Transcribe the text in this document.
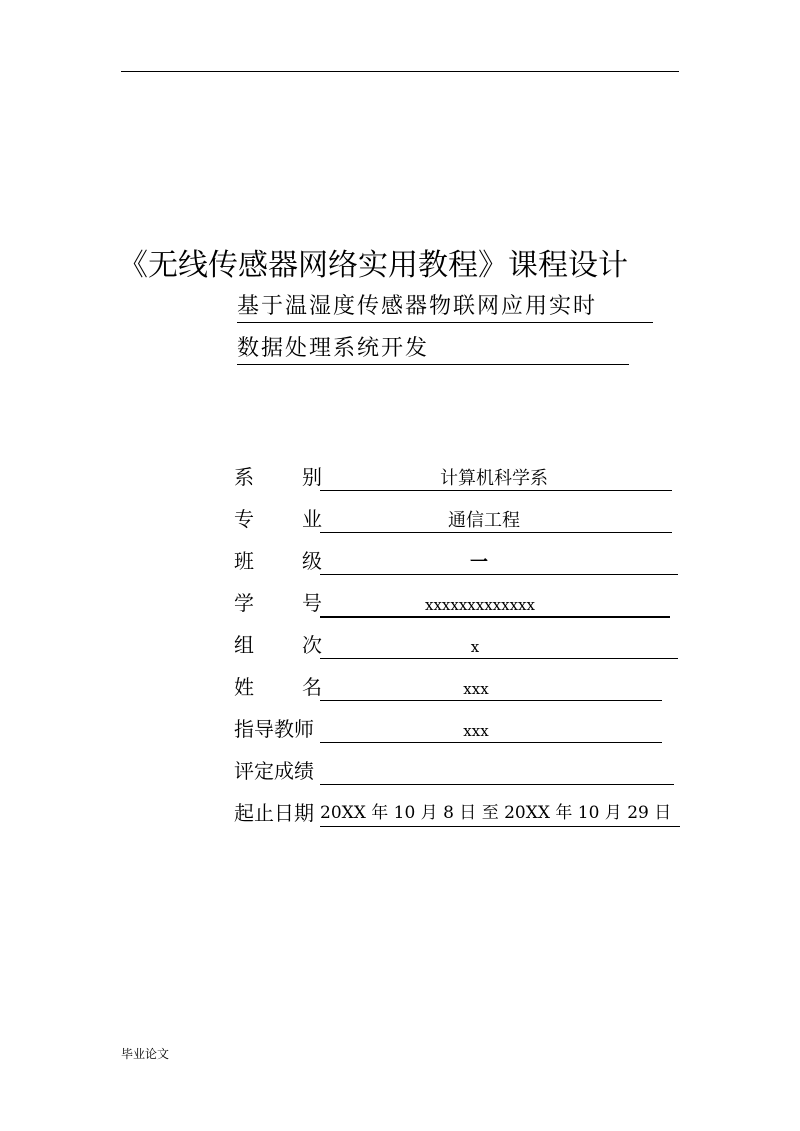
《无线传感器网络实用教程》课程设计
基于温湿度传感器物联网应用实时
数据处理系统开发
系 别	计算机科学系
专 业	通信工程
班 级	一
学 号	xxxxxxxxxxxxx
组 次	x
姓 名	xxx
指导教师	xxx
评定成绩
起止日期 20XX 年 10 月 8 日 至 20XX 年 10 月 29 日
毕业论文
